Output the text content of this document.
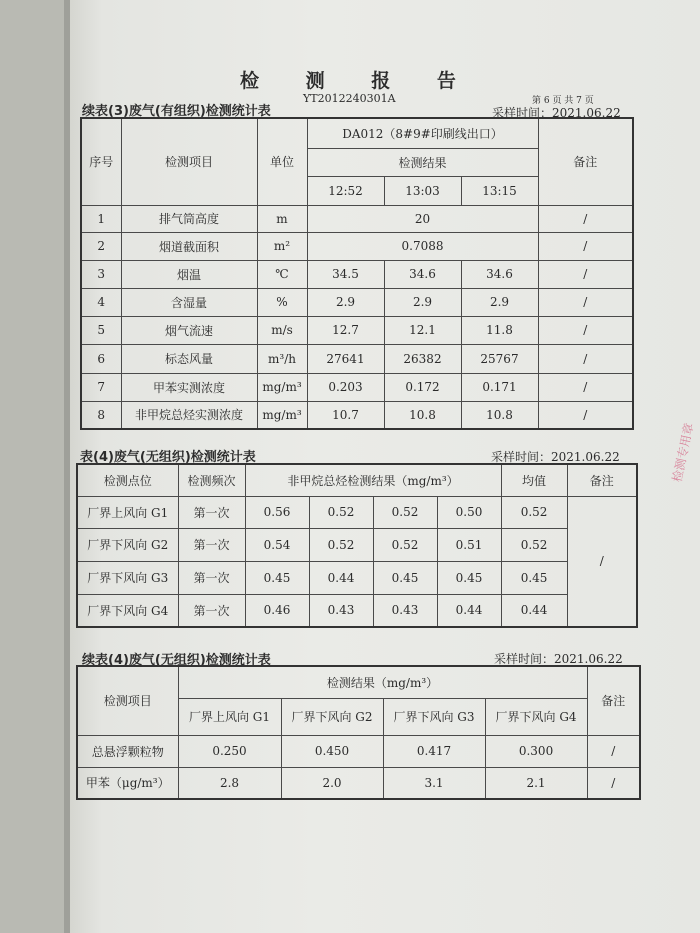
检 测 报 告
YT2012240301A	第 6 页 共 7 页
续表(3)废气(有组织)检测统计表	采样时间：2021.06.22
序号	检测项目	单位	DA012（8#9#印刷线出口）			备注
			检测结果			
			12:52	13:03	13:15	
1	排气筒高度	m	20			/
2	烟道截面积	m²	0.7088			/
3	烟温	℃	34.5	34.6	34.6	/
4	含湿量	%	2.9	2.9	2.9	/
5	烟气流速	m/s	12.7	12.1	11.8	/
6	标态风量	m³/h	27641	26382	25767	/
7	甲苯实测浓度	mg/m³	0.203	0.172	0.171	/
8	非甲烷总烃实测浓度	mg/m³	10.7	10.8	10.8	/
表(4)废气(无组织)检测统计表	采样时间：2021.06.22
检测点位	检测频次	非甲烷总烃检测结果（mg/m³）				均值	备注
厂界上风向 G1	第一次	0.56	0.52	0.52	0.50	0.52	/
厂界下风向 G2	第一次	0.54	0.52	0.52	0.51	0.52	
厂界下风向 G3	第一次	0.45	0.44	0.45	0.45	0.45	
厂界下风向 G4	第一次	0.46	0.43	0.43	0.44	0.44	
续表(4)废气(无组织)检测统计表	采样时间：2021.06.22
检测项目	检测结果（mg/m³）				备注
	厂界上风向 G1	厂界下风向 G2	厂界下风向 G3	厂界下风向 G4	
总悬浮颗粒物	0.250	0.450	0.417	0.300	/
甲苯（μg/m³）	2.8	2.0	3.1	2.1	/
检测专用章
